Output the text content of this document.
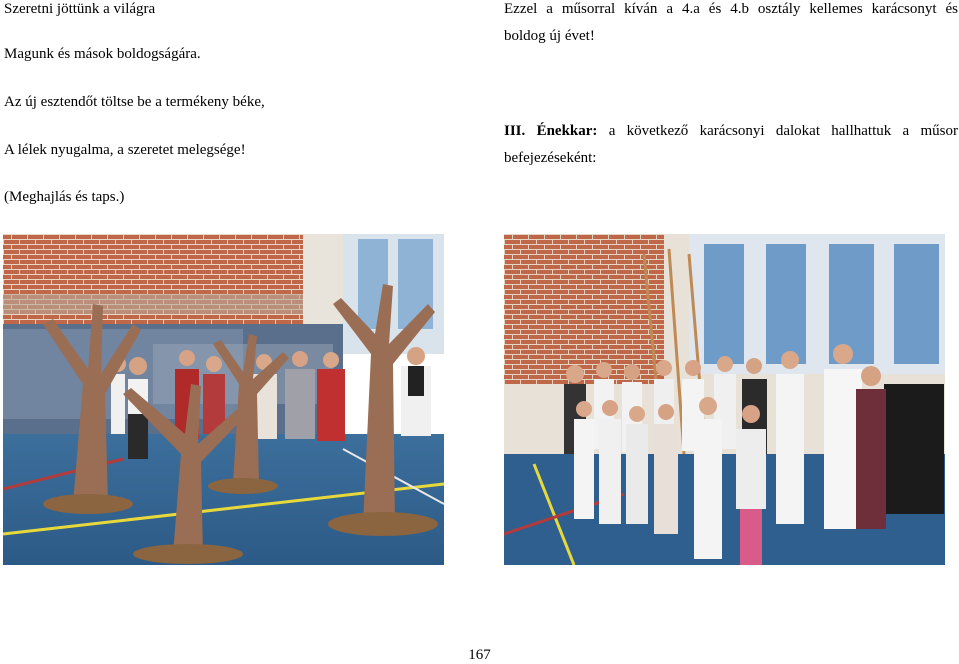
Szeretni jöttünk a világra
Magunk és mások boldogságára.
Az új esztendőt töltse be a termékeny béke,
A lélek nyugalma, a szeretet melegsége!
(Meghajlás és taps.)
Ezzel a műsorral kíván a 4.a és 4.b osztály kellemes karácsonyt és
boldog új évet!
III. Énekkar: a következő karácsonyi dalokat hallhattuk a műsor
befejezéseként:
167
